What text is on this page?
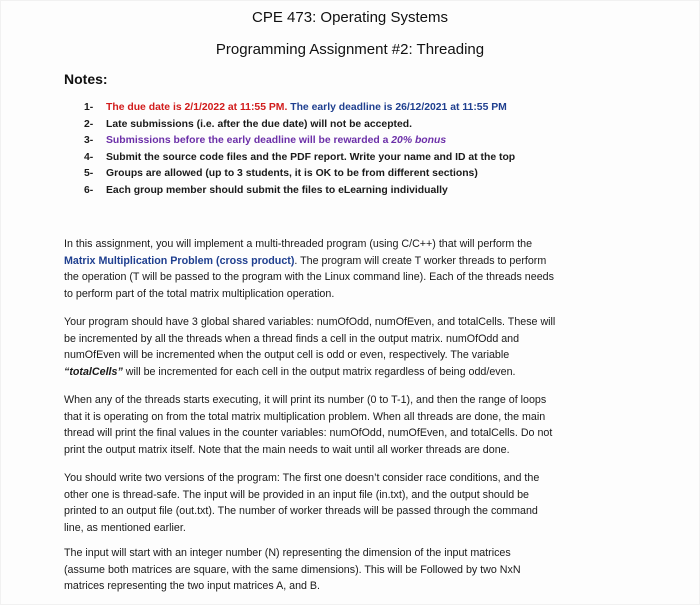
CPE 473: Operating Systems
Programming Assignment #2: Threading
Notes:
1- The due date is 2/1/2022 at 11:55 PM. The early deadline is 26/12/2021 at 11:55 PM
2- Late submissions (i.e. after the due date) will not be accepted.
3- Submissions before the early deadline will be rewarded a 20% bonus
4- Submit the source code files and the PDF report. Write your name and ID at the top
5- Groups are allowed (up to 3 students, it is OK to be from different sections)
6- Each group member should submit the files to eLearning individually
In this assignment, you will implement a multi-threaded program (using C/C++) that will perform the
Matrix Multiplication Problem (cross product). The program will create T worker threads to perform
the operation (T will be passed to the program with the Linux command line). Each of the threads needs
to perform part of the total matrix multiplication operation.
Your program should have 3 global shared variables: numOfOdd, numOfEven, and totalCells. These will
be incremented by all the threads when a thread finds a cell in the output matrix. numOfOdd and
numOfEven will be incremented when the output cell is odd or even, respectively. The variable
“totalCells” will be incremented for each cell in the output matrix regardless of being odd/even.
When any of the threads starts executing, it will print its number (0 to T-1), and then the range of loops
that it is operating on from the total matrix multiplication problem. When all threads are done, the main
thread will print the final values in the counter variables: numOfOdd, numOfEven, and totalCells. Do not
print the output matrix itself. Note that the main needs to wait until all worker threads are done.
You should write two versions of the program: The first one doesn’t consider race conditions, and the
other one is thread-safe. The input will be provided in an input file (in.txt), and the output should be
printed to an output file (out.txt). The number of worker threads will be passed through the command
line, as mentioned earlier.
The input will start with an integer number (N) representing the dimension of the input matrices
(assume both matrices are square, with the same dimensions). This will be Followed by two NxN
matrices representing the two input matrices A, and B.
